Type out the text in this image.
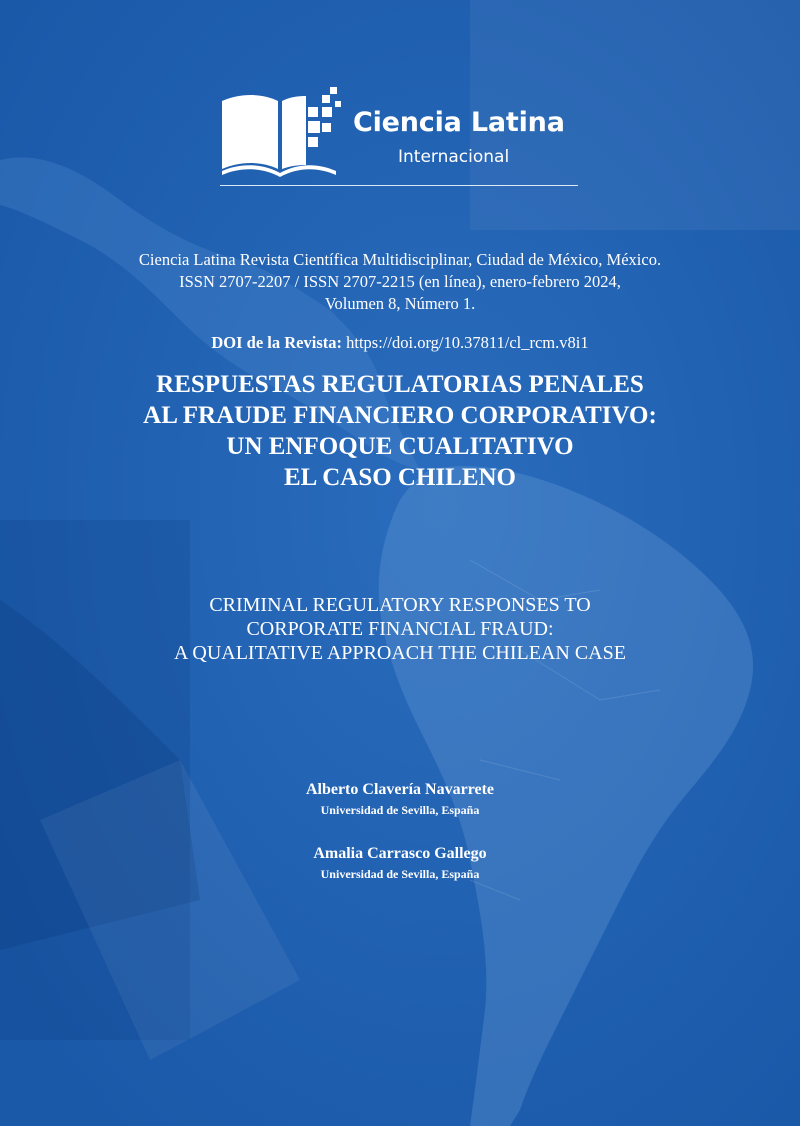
Ciencia Latina
Internacional
Ciencia Latina Revista Científica Multidisciplinar, Ciudad de México, México.
ISSN 2707-2207 / ISSN 2707-2215 (en línea), enero-febrero 2024,
Volumen 8, Número 1.
DOI de la Revista: https://doi.org/10.37811/cl_rcm.v8i1
RESPUESTAS REGULATORIAS PENALES
AL FRAUDE FINANCIERO CORPORATIVO:
UN ENFOQUE CUALITATIVO
EL CASO CHILENO
CRIMINAL REGULATORY RESPONSES TO
CORPORATE FINANCIAL FRAUD:
A QUALITATIVE APPROACH THE CHILEAN CASE
Alberto Clavería Navarrete
Universidad de Sevilla, España
Amalia Carrasco Gallego
Universidad de Sevilla, España
